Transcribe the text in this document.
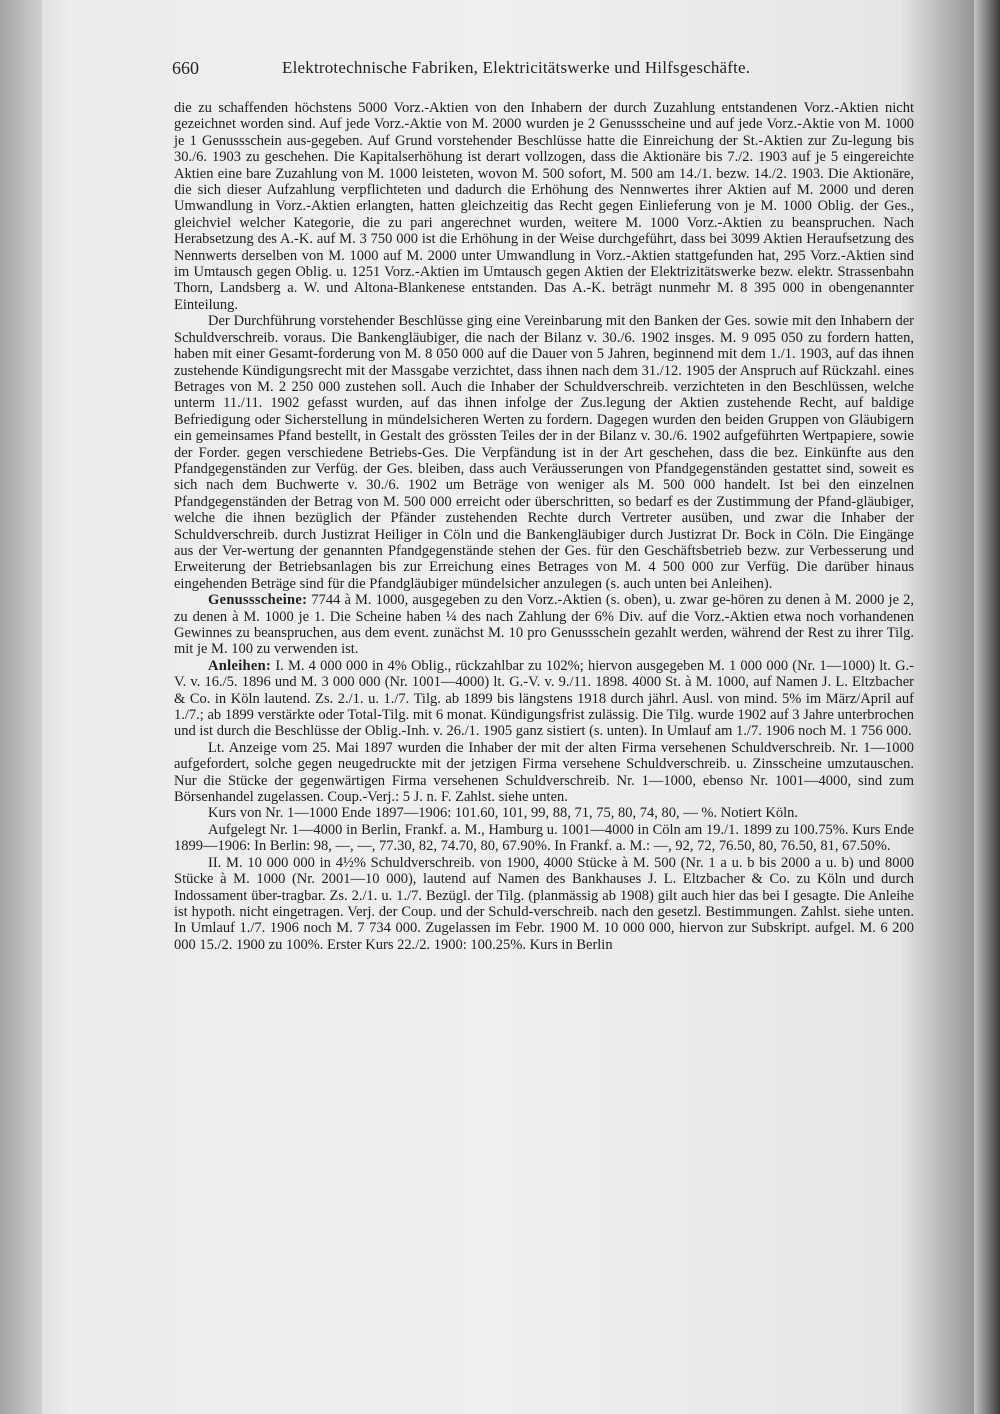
660	Elektrotechnische Fabriken, Elektricitätswerke und Hilfsgeschäfte.

die zu schaffenden höchstens 5000 Vorz.-Aktien von den Inhabern der durch Zuzahlung entstandenen Vorz.-Aktien nicht gezeichnet worden sind. Auf jede Vorz.-Aktie von M. 2000 wurden je 2 Genussscheine und auf jede Vorz.-Aktie von M. 1000 je 1 Genussschein aus-gegeben. Auf Grund vorstehender Beschlüsse hatte die Einreichung der St.-Aktien zur Zu-legung bis 30./6. 1903 zu geschehen. Die Kapitalserhöhung ist derart vollzogen, dass die Aktionäre bis 7./2. 1903 auf je 5 eingereichte Aktien eine bare Zuzahlung von M. 1000 leisteten, wovon M. 500 sofort, M. 500 am 14./1. bezw. 14./2. 1903. Die Aktionäre, die sich dieser Aufzahlung verpflichteten und dadurch die Erhöhung des Nennwertes ihrer Aktien auf M. 2000 und deren Umwandlung in Vorz.-Aktien erlangten, hatten gleichzeitig das Recht gegen Einlieferung von je M. 1000 Oblig. der Ges., gleichviel welcher Kategorie, die zu pari angerechnet wurden, weitere M. 1000 Vorz.-Aktien zu beanspruchen. Nach Herabsetzung des A.-K. auf M. 3 750 000 ist die Erhöhung in der Weise durchgeführt, dass bei 3099 Aktien Heraufsetzung des Nennwerts derselben von M. 1000 auf M. 2000 unter Umwandlung in Vorz.-Aktien stattgefunden hat, 295 Vorz.-Aktien sind im Umtausch gegen Oblig. u. 1251 Vorz.-Aktien im Umtausch gegen Aktien der Elektrizitätswerke bezw. elektr. Strassenbahn Thorn, Landsberg a. W. und Altona-Blankenese entstanden. Das A.-K. beträgt nunmehr M. 8 395 000 in obengenannter Einteilung.

Der Durchführung vorstehender Beschlüsse ging eine Vereinbarung mit den Banken der Ges. sowie mit den Inhabern der Schuldverschreib. voraus. Die Bankengläubiger, die nach der Bilanz v. 30./6. 1902 insges. M. 9 095 050 zu fordern hatten, haben mit einer Gesamt-forderung von M. 8 050 000 auf die Dauer von 5 Jahren, beginnend mit dem 1./1. 1903, auf das ihnen zustehende Kündigungsrecht mit der Massgabe verzichtet, dass ihnen nach dem 31./12. 1905 der Anspruch auf Rückzahl. eines Betrages von M. 2 250 000 zustehen soll. Auch die Inhaber der Schuldverschreib. verzichteten in den Beschlüssen, welche unterm 11./11. 1902 gefasst wurden, auf das ihnen infolge der Zus.legung der Aktien zustehende Recht, auf baldige Befriedigung oder Sicherstellung in mündelsicheren Werten zu fordern. Dagegen wurden den beiden Gruppen von Gläubigern ein gemeinsames Pfand bestellt, in Gestalt des grössten Teiles der in der Bilanz v. 30./6. 1902 aufgeführten Wertpapiere, sowie der Forder. gegen verschiedene Betriebs-Ges. Die Verpfändung ist in der Art geschehen, dass die bez. Einkünfte aus den Pfandgegenständen zur Verfüg. der Ges. bleiben, dass auch Veräusserungen von Pfandgegenständen gestattet sind, soweit es sich nach dem Buchwerte v. 30./6. 1902 um Beträge von weniger als M. 500 000 handelt. Ist bei den einzelnen Pfandgegenständen der Betrag von M. 500 000 erreicht oder überschritten, so bedarf es der Zustimmung der Pfand-gläubiger, welche die ihnen bezüglich der Pfänder zustehenden Rechte durch Vertreter ausüben, und zwar die Inhaber der Schuldverschreib. durch Justizrat Heiliger in Cöln und die Bankengläubiger durch Justizrat Dr. Bock in Cöln. Die Eingänge aus der Ver-wertung der genannten Pfandgegenstände stehen der Ges. für den Geschäftsbetrieb bezw. zur Verbesserung und Erweiterung der Betriebsanlagen bis zur Erreichung eines Betrages von M. 4 500 000 zur Verfüg. Die darüber hinaus eingehenden Beträge sind für die Pfandgläubiger mündelsicher anzulegen (s. auch unten bei Anleihen).

Genussscheine: 7744 à M. 1000, ausgegeben zu den Vorz.-Aktien (s. oben), u. zwar ge-hören zu denen à M. 2000 je 2, zu denen à M. 1000 je 1. Die Scheine haben ¼ des nach Zahlung der 6% Div. auf die Vorz.-Aktien etwa noch vorhandenen Gewinnes zu beanspruchen, aus dem event. zunächst M. 10 pro Genussschein gezahlt werden, während der Rest zu ihrer Tilg. mit je M. 100 zu verwenden ist.

Anleihen: I. M. 4 000 000 in 4% Oblig., rückzahlbar zu 102%; hiervon ausgegeben M. 1 000 000 (Nr. 1—1000) lt. G.-V. v. 16./5. 1896 und M. 3 000 000 (Nr. 1001—4000) lt. G.-V. v. 9./11. 1898. 4000 St. à M. 1000, auf Namen J. L. Eltzbacher & Co. in Köln lautend. Zs. 2./1. u. 1./7. Tilg. ab 1899 bis längstens 1918 durch jährl. Ausl. von mind. 5% im März/April auf 1./7.; ab 1899 verstärkte oder Total-Tilg. mit 6 monat. Kündigungsfrist zulässig. Die Tilg. wurde 1902 auf 3 Jahre unterbrochen und ist durch die Beschlüsse der Oblig.-Inh. v. 26./1. 1905 ganz sistiert (s. unten). In Umlauf am 1./7. 1906 noch M. 1 756 000.

Lt. Anzeige vom 25. Mai 1897 wurden die Inhaber der mit der alten Firma versehenen Schuldverschreib. Nr. 1—1000 aufgefordert, solche gegen neugedruckte mit der jetzigen Firma versehene Schuldverschreib. u. Zinsscheine umzutauschen. Nur die Stücke der gegenwärtigen Firma versehenen Schuldverschreib. Nr. 1—1000, ebenso Nr. 1001—4000, sind zum Börsenhandel zugelassen. Coup.-Verj.: 5 J. n. F. Zahlst. siehe unten.

Kurs von Nr. 1—1000 Ende 1897—1906: 101.60, 101, 99, 88, 71, 75, 80, 74, 80, — %. Notiert Köln.

Aufgelegt Nr. 1—4000 in Berlin, Frankf. a. M., Hamburg u. 1001—4000 in Cöln am 19./1. 1899 zu 100.75%. Kurs Ende 1899—1906: In Berlin: 98, —, —, 77.30, 82, 74.70, 80, 67.90%. In Frankf. a. M.: —, 92, 72, 76.50, 80, 76.50, 81, 67.50%.

II. M. 10 000 000 in 4½% Schuldverschreib. von 1900, 4000 Stücke à M. 500 (Nr. 1 a u. b bis 2000 a u. b) und 8000 Stücke à M. 1000 (Nr. 2001—10 000), lautend auf Namen des Bankhauses J. L. Eltzbacher & Co. zu Köln und durch Indossament über-tragbar. Zs. 2./1. u. 1./7. Bezügl. der Tilg. (planmässig ab 1908) gilt auch hier das bei I gesagte. Die Anleihe ist hypoth. nicht eingetragen. Verj. der Coup. und der Schuld-verschreib. nach den gesetzl. Bestimmungen. Zahlst. siehe unten. In Umlauf 1./7. 1906 noch M. 7 734 000. Zugelassen im Febr. 1900 M. 10 000 000, hiervon zur Subskript. aufgel. M. 6 200 000 15./2. 1900 zu 100%. Erster Kurs 22./2. 1900: 100.25%. Kurs in Berlin
